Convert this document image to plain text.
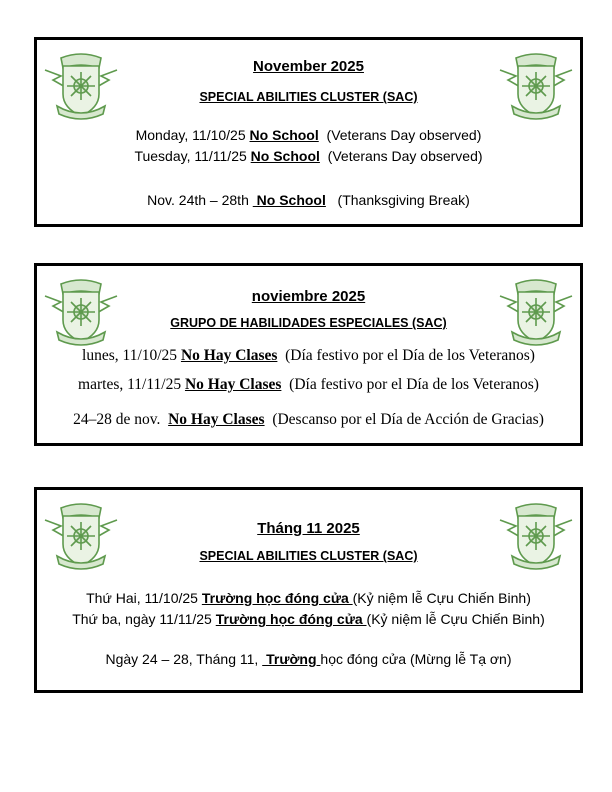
November 2025
SPECIAL ABILITIES CLUSTER (SAC)
Monday, 11/10/25 No School  (Veterans Day observed)
Tuesday, 11/11/25 No School  (Veterans Day observed)
Nov. 24th – 28th  No School   (Thanksgiving Break)
noviembre 2025
GRUPO DE HABILIDADES ESPECIALES (SAC)
lunes, 11/10/25 No Hay Clases  (Día festivo por el Día de los Veteranos)
martes, 11/11/25 No Hay Clases  (Día festivo por el Día de los Veteranos)
24–28 de nov.  No Hay Clases  (Descanso por el Día de Acción de Gracias)
Tháng 11 2025
SPECIAL ABILITIES CLUSTER (SAC)
Thứ Hai, 11/10/25 Trường học đóng cửa (Kỷ niệm lễ Cựu Chiến Binh)
Thứ ba, ngày 11/11/25 Trường học đóng cửa (Kỷ niệm lễ Cựu Chiến Binh)
Ngày 24 – 28, Tháng 11,  Trường học đóng cửa (Mừng lễ Tạ ơn)
